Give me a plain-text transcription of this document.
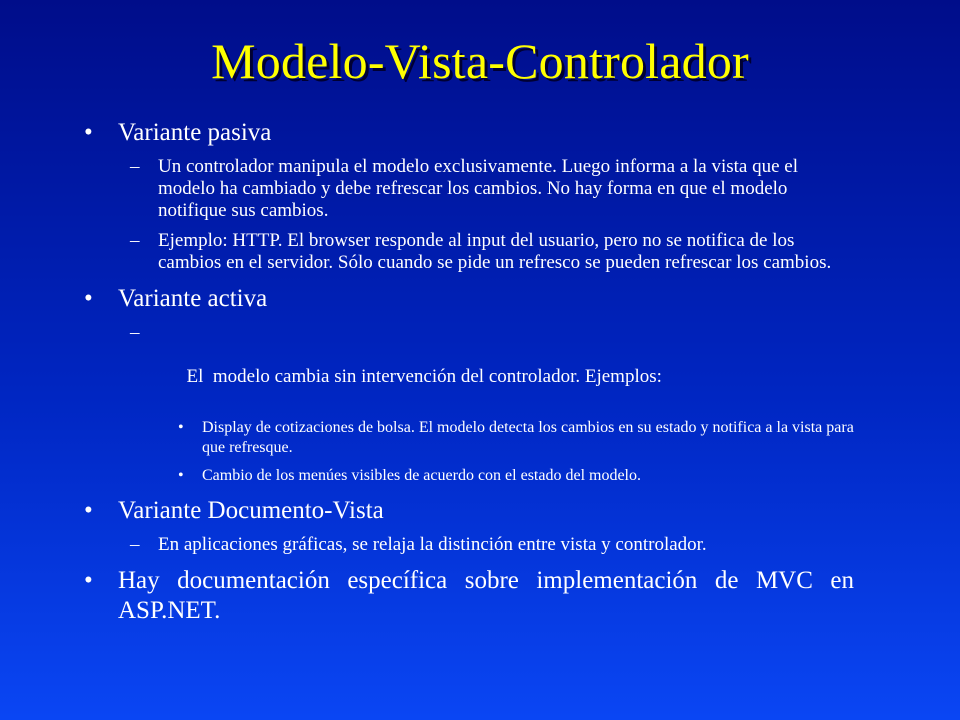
Modelo-Vista-Controlador
•	Variante pasiva
– Un controlador manipula el modelo exclusivamente. Luego informa a la vista que el modelo ha cambiado y debe refrescar los cambios. No hay forma en que el modelo notifique sus cambios.
– Ejemplo: HTTP. El browser responde al input del usuario, pero no se notifica de los cambios en el servidor. Sólo cuando se pide un refresco se pueden refrescar los cambios.
•	Variante activa

–

El  modelo cambia sin intervención del controlador. Ejemplos:

• Display de cotizaciones de bolsa. El modelo detecta los cambios en su estado y notifica a la vista para que refresque.
• Cambio de los menúes visibles de acuerdo con el estado del modelo.
•	Variante Documento-Vista
– En aplicaciones gráficas, se relaja la distinción entre vista y controlador.
•	Hay documentación específica sobre implementación de MVC en ASP.NET.
